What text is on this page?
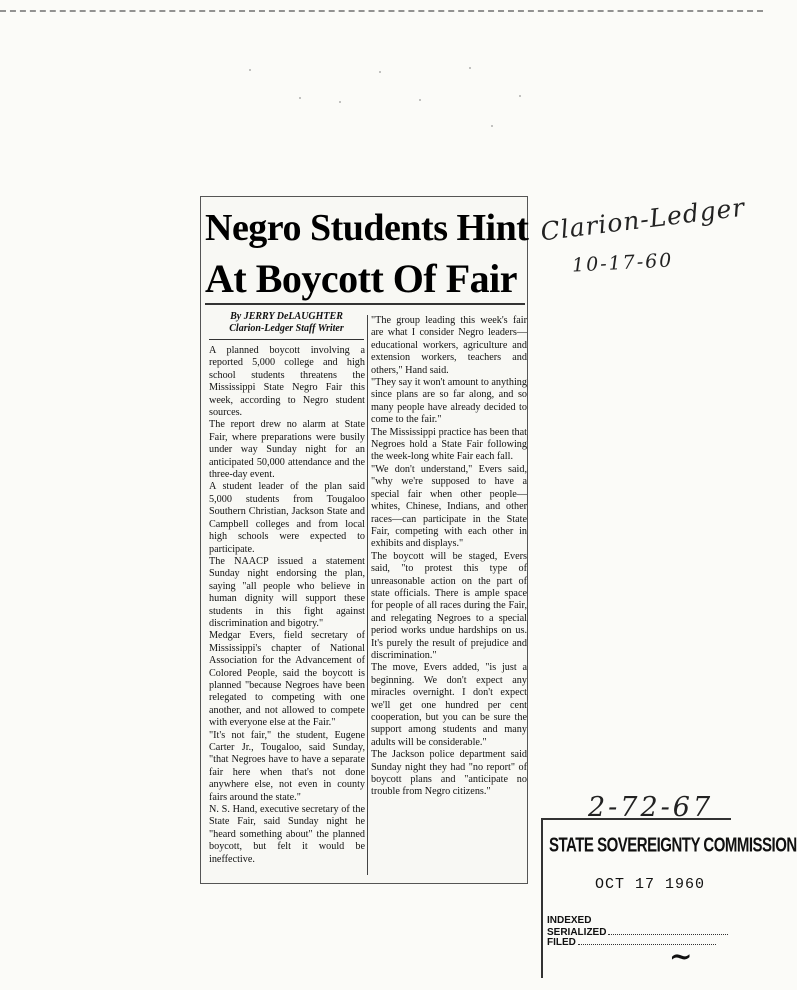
Negro Students Hint
At Boycott Of Fair
By JERRY DeLAUGHTER
Clarion-Ledger Staff Writer
A planned boycott involving a reported 5,000 college and high school students threatens the Mississippi State Negro Fair this week, according to Negro student sources.
The report drew no alarm at State Fair, where preparations were busily under way Sunday night for an anticipated 50,000 attendance and the three-day event.
A student leader of the plan said 5,000 students from Tougaloo Southern Christian, Jackson State and Campbell colleges and from local high schools were expected to participate.
The NAACP issued a statement Sunday night endorsing the plan, saying "all people who believe in human dignity will support these students in this fight against discrimination and bigotry."
Medgar Evers, field secretary of Mississippi's chapter of National Association for the Advancement of Colored People, said the boycott is planned "because Negroes have been relegated to competing with one another, and not allowed to compete with everyone else at the Fair."
"It's not fair," the student, Eugene Carter Jr., Tougaloo, said Sunday, "that Negroes have to have a separate fair here when that's not done anywhere else, not even in county fairs around the state."
N. S. Hand, executive secretary of the State Fair, said Sunday night he "heard something about" the planned boycott, but felt it would be ineffective.
"The group leading this week's fair are what I consider Negro leaders—educational workers, agriculture and extension workers, teachers and others," Hand said.
"They say it won't amount to anything since plans are so far along, and so many people have already decided to come to the fair."
The Mississippi practice has been that Negroes hold a State Fair following the week-long white Fair each fall.
"We don't understand," Evers said, "why we're supposed to have a special fair when other people—whites, Chinese, Indians, and other races—can participate in the State Fair, competing with each other in exhibits and displays."
The boycott will be staged, Evers said, "to protest this type of unreasonable action on the part of state officials. There is ample space for people of all races during the Fair, and relegating Negroes to a special period works undue hardships on us. It's purely the result of prejudice and discrimination."
The move, Evers added, "is just a beginning. We don't expect any miracles overnight. I don't expect we'll get one hundred per cent cooperation, but you can be sure the support among students and many adults will be considerable."
The Jackson police department said Sunday night they had "no report" of boycott plans and "anticipate no trouble from Negro citizens."
Clarion-Ledger
10-17-60
2-72-67
STATE SOVEREIGNTY COMMISSION
OCT 17 1960
INDEXED
SERIALIZED
FILED	~
